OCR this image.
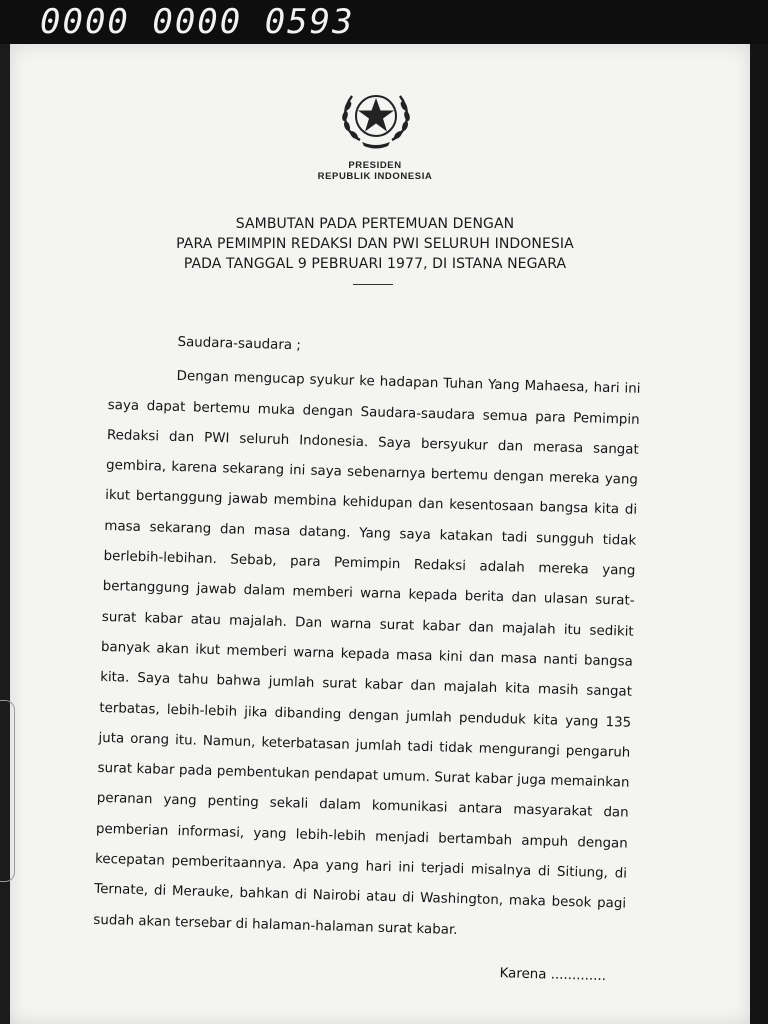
0000 0000 0593
PRESIDEN
REPUBLIK INDONESIA
SAMBUTAN PADA PERTEMUAN DENGAN
PARA PEMIMPIN REDAKSI DAN PWI SELURUH INDONESIA
PADA TANGGAL 9 PEBRUARI 1977, DI ISTANA NEGARA

Saudara-saudara ;

Dengan mengucap syukur ke hadapan Tuhan Yang Mahaesa, hari ini saya dapat bertemu muka dengan Saudara-saudara semua para Pemimpin Redaksi dan PWI seluruh Indonesia. Saya bersyukur dan merasa sangat gembira, karena sekarang ini saya sebenarnya bertemu dengan mereka yang ikut bertanggung jawab membina kehidupan dan kesentosaan bangsa kita di masa sekarang dan masa datang. Yang saya katakan tadi sungguh tidak berlebih-lebihan. Sebab, para Pemimpin Redaksi adalah mereka yang bertanggung jawab dalam memberi warna kepada berita dan ulasan surat-surat kabar atau majalah. Dan warna surat kabar dan majalah itu sedikit banyak akan ikut memberi warna kepada masa kini dan masa nanti bangsa kita. Saya tahu bahwa jumlah surat kabar dan majalah kita masih sangat terbatas, lebih-lebih jika dibanding dengan jumlah penduduk kita yang 135 juta orang itu. Namun, keterbatasan jumlah tadi tidak mengurangi pengaruh surat kabar pada pembentukan pendapat umum. Surat kabar juga memainkan peranan yang penting sekali dalam komunikasi antara masyarakat dan pemberian informasi, yang lebih-lebih menjadi bertambah ampuh dengan kecepatan pemberitaannya. Apa yang hari ini terjadi misalnya di Sitiung, di Ternate, di Merauke, bahkan di Nairobi atau di Washington, maka besok pagi sudah akan tersebar di halaman-halaman surat kabar.

Karena .............
